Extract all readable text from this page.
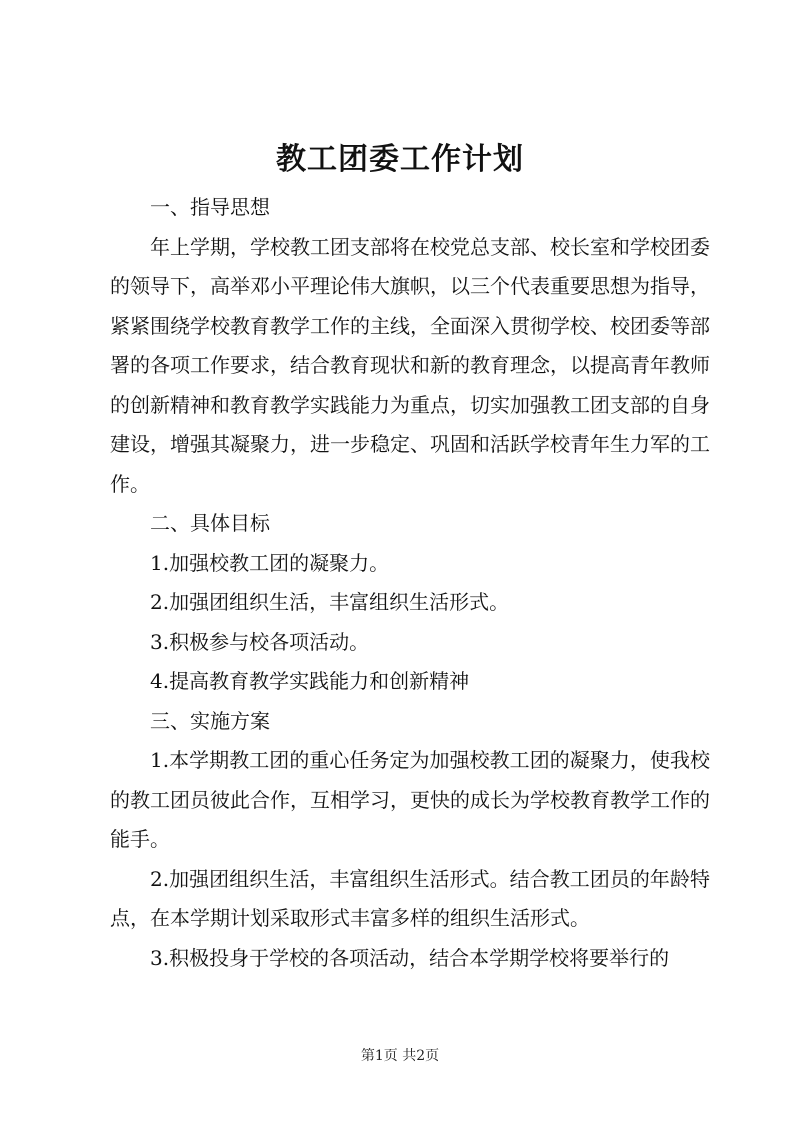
教工团委工作计划

一、指导思想

年上学期，学校教工团支部将在校党总支部、校长室和学校团委的领导下，高举邓小平理论伟大旗帜，以三个代表重要思想为指导，紧紧围绕学校教育教学工作的主线，全面深入贯彻学校、校团委等部署的各项工作要求，结合教育现状和新的教育理念，以提高青年教师的创新精神和教育教学实践能力为重点，切实加强教工团支部的自身建设，增强其凝聚力，进一步稳定、巩固和活跃学校青年生力军的工作。

二、具体目标

1.加强校教工团的凝聚力。

2.加强团组织生活，丰富组织生活形式。

3.积极参与校各项活动。

4.提高教育教学实践能力和创新精神

三、实施方案

1.本学期教工团的重心任务定为加强校教工团的凝聚力，使我校的教工团员彼此合作，互相学习，更快的成长为学校教育教学工作的能手。

2.加强团组织生活，丰富组织生活形式。结合教工团员的年龄特点，在本学期计划采取形式丰富多样的组织生活形式。

3.积极投身于学校的各项活动，结合本学期学校将要举行的

第1页 共2页
